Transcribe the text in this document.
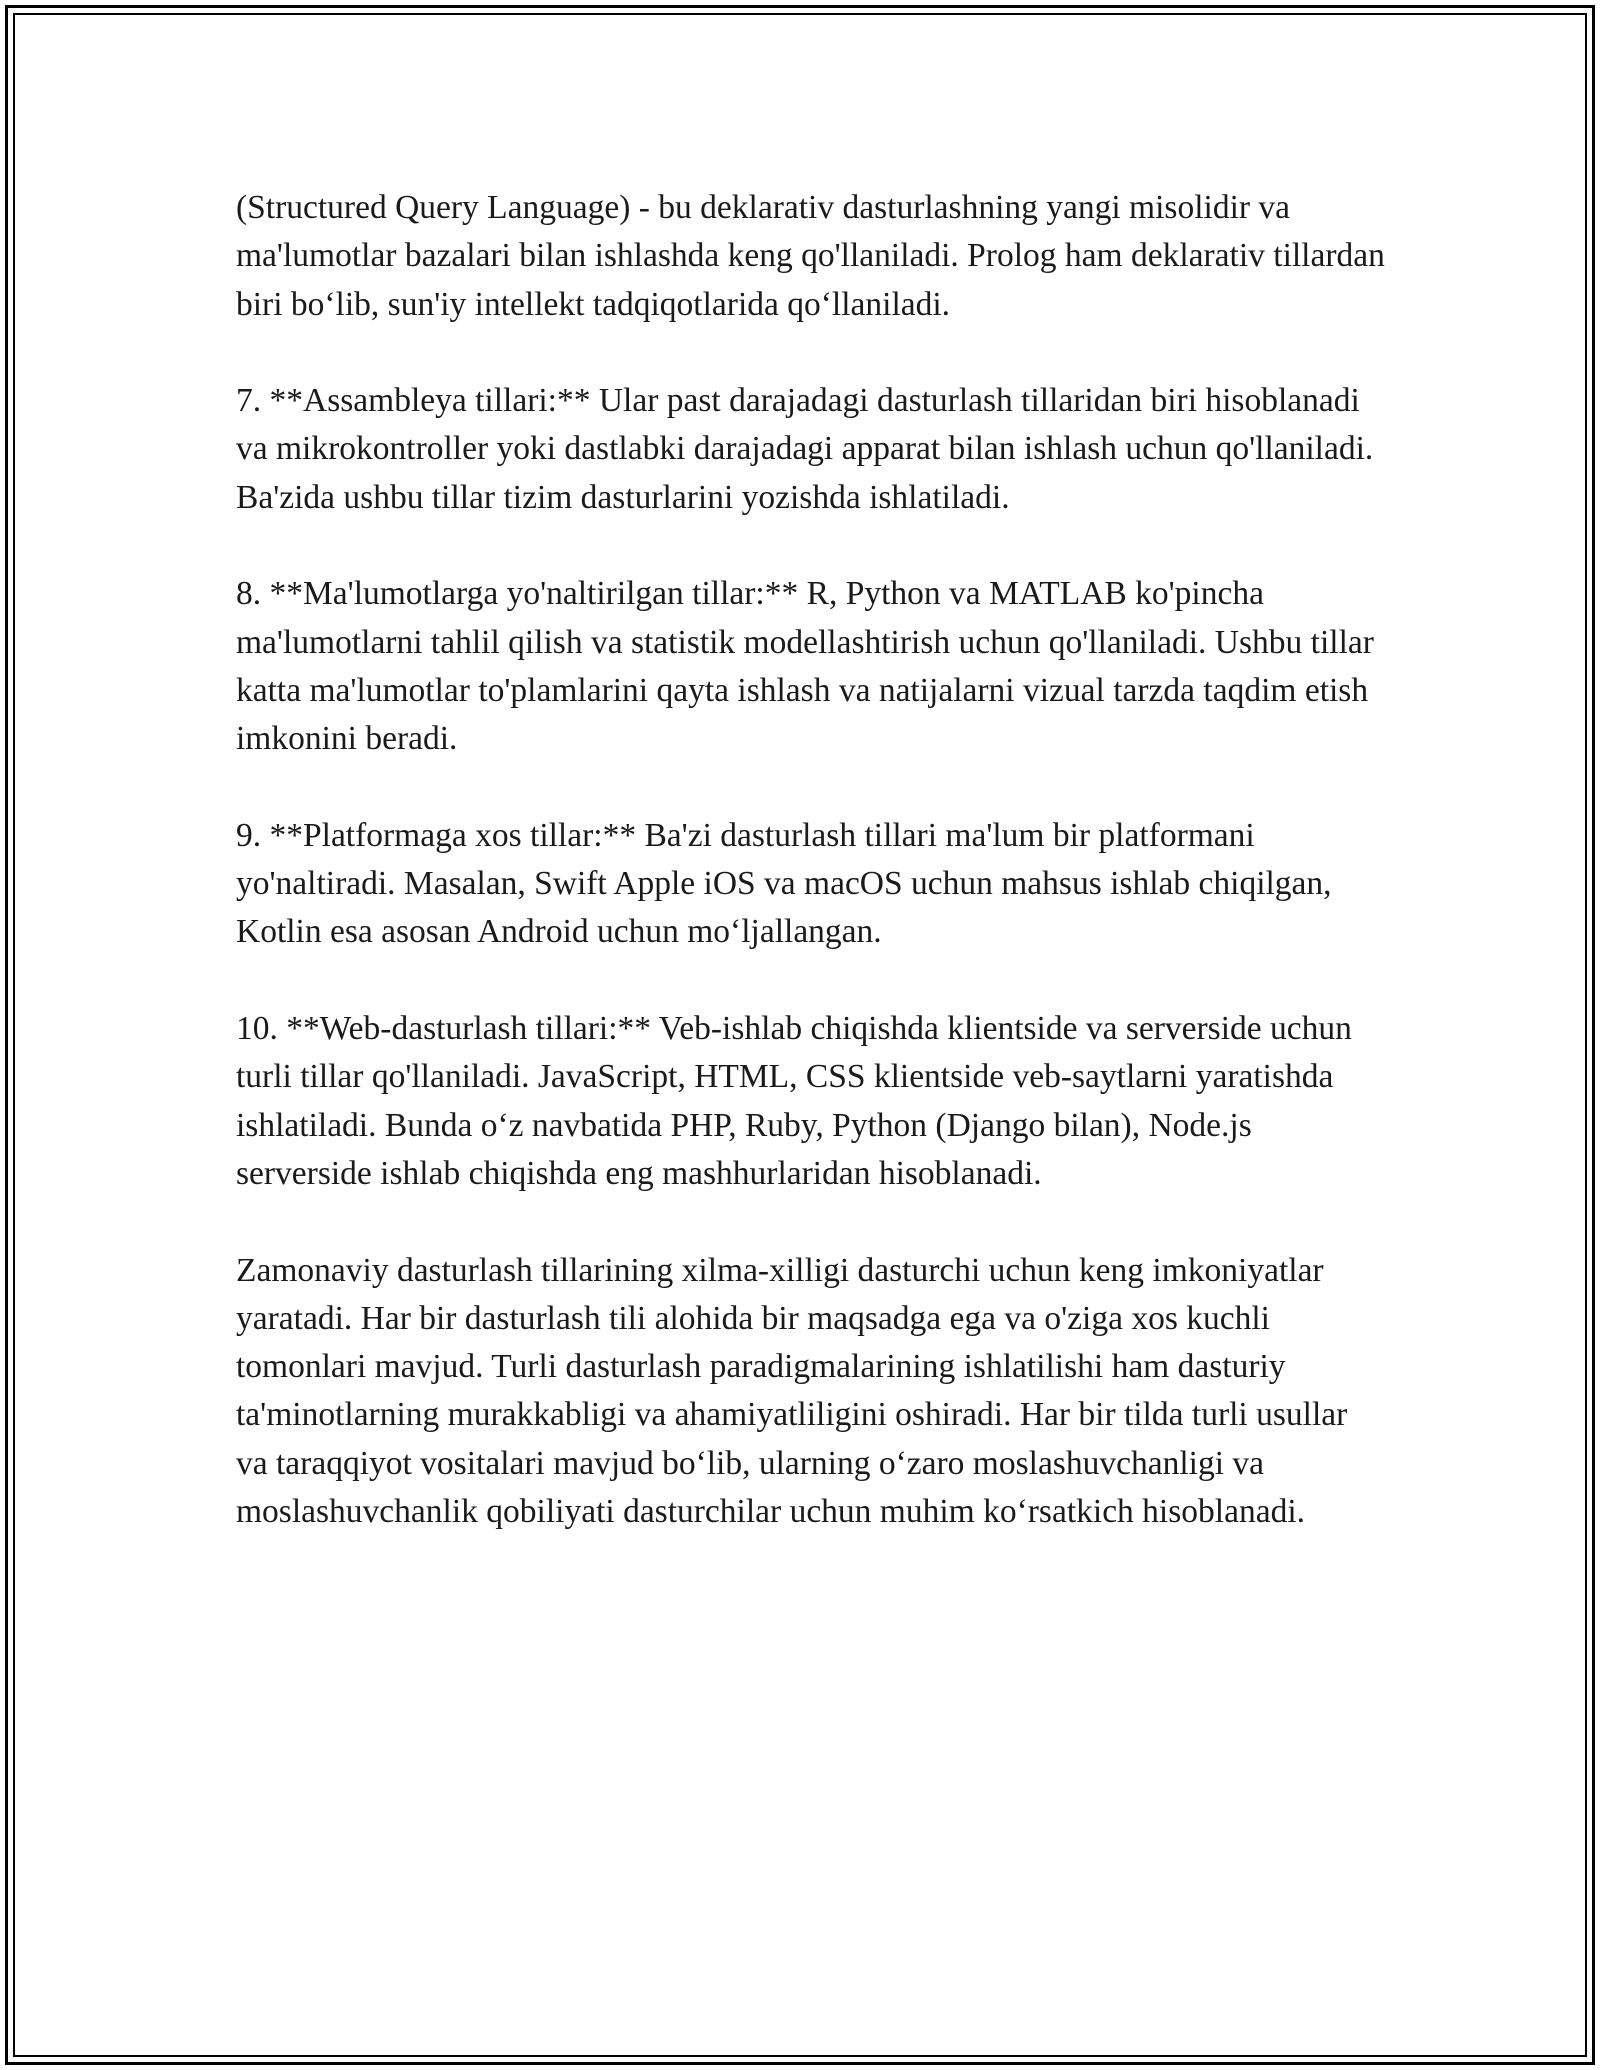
(Structured Query Language) - bu deklarativ dasturlashning yangi misolidir va ma'lumotlar bazalari bilan ishlashda keng qo'llaniladi. Prolog ham deklarativ tillardan biri bo‘lib, sun'iy intellekt tadqiqotlarida qo‘llaniladi.

7. **Assambleya tillari:** Ular past darajadagi dasturlash tillaridan biri hisoblanadi va mikrokontroller yoki dastlabki darajadagi apparat bilan ishlash uchun qo'llaniladi. Ba'zida ushbu tillar tizim dasturlarini yozishda ishlatiladi.

8. **Ma'lumotlarga yo'naltirilgan tillar:** R, Python va MATLAB ko'pincha ma'lumotlarni tahlil qilish va statistik modellashtirish uchun qo'llaniladi. Ushbu tillar katta ma'lumotlar to'plamlarini qayta ishlash va natijalarni vizual tarzda taqdim etish imkonini beradi.

9. **Platformaga xos tillar:** Ba'zi dasturlash tillari ma'lum bir platformani yo'naltiradi. Masalan, Swift Apple iOS va macOS uchun mahsus ishlab chiqilgan, Kotlin esa asosan Android uchun mo‘ljallangan.

10. **Web-dasturlash tillari:** Veb-ishlab chiqishda klientside va serverside uchun turli tillar qo'llaniladi. JavaScript, HTML, CSS klientside veb-saytlarni yaratishda ishlatiladi. Bunda o‘z navbatida PHP, Ruby, Python (Django bilan), Node.js serverside ishlab chiqishda eng mashhurlaridan hisoblanadi.

Zamonaviy dasturlash tillarining xilma-xilligi dasturchi uchun keng imkoniyatlar yaratadi. Har bir dasturlash tili alohida bir maqsadga ega va o'ziga xos kuchli tomonlari mavjud. Turli dasturlash paradigmalarining ishlatilishi ham dasturiy ta'minotlarning murakkabligi va ahamiyatliligini oshiradi. Har bir tilda turli usullar va taraqqiyot vositalari mavjud bo‘lib, ularning o‘zaro moslashuvchanligi va moslashuvchanlik qobiliyati dasturchilar uchun muhim ko‘rsatkich hisoblanadi.
